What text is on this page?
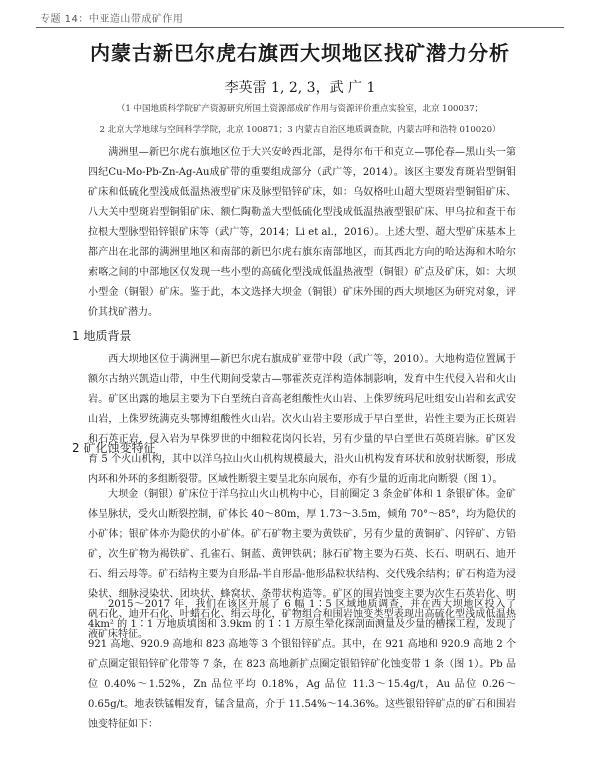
专题 14：中亚造山带成矿作用
内蒙古新巴尔虎右旗西大坝地区找矿潜力分析
李英雷 1, 2, 3，武 广 1
（1 中国地质科学院矿产资源研究所国土资源部成矿作用与资源评价重点实验室，北京 100037；
2 北京大学地球与空间科学学院，北京 100871；3 内蒙古自治区地质调查院，内蒙古呼和浩特 010020）
满洲里—新巴尔虎右旗地区位于大兴安岭西北部，是得尔布干和克立—鄂伦春—黑山头一第四纪Cu-Mo-Pb-Zn-Ag-Au成矿带的重要组成部分（武广等，2014）。该区主要发育斑岩型铜钼矿床和低硫化型浅成低温热液型矿床及脉型铅锌矿床，如：乌奴格吐山超大型斑岩型铜钼矿床、八大关中型斑岩型铜钼矿床、额仁陶勒盖大型低硫化型浅成低温热液型银矿床、甲乌拉和查干布拉根大型脉型铅锌银矿床等（武广等，2014；Li et al.，2016）。上述大型、超大型矿床基本上都产出在北部的满洲里地区和南部的新巴尔虎右旗东南部地区，而其西北方向的哈达海和木哈尔索喀之间的中部地区仅发现一些小型的高硫化型浅成低温热液型（铜银）矿点及矿床，如：大坝小型金（铜银）矿床。鉴于此，本文选择大坝金（铜银）矿床外围的西大坝地区为研究对象，评价其找矿潜力。
1 地质背景
西大坝地区位于满洲里—新巴尔虎右旗成矿亚带中段（武广等，2010）。大地构造位置属于额尔古纳兴凯造山带，中生代期间受蒙古—鄂霍茨克洋构造体制影响，发育中生代侵入岩和火山岩。矿区出露的地层主要为下白垩统白音高老组酸性火山岩、上侏罗统玛尼吐组安山岩和玄武安山岩，上侏罗统满克头鄂博组酸性火山岩。次火山岩主要形成于早白垩世，岩性主要为正长斑岩和石英正岩，侵入岩为早侏罗世的中细粒花岗闪长岩，另有少量的早白垩世石英斑岩脉。矿区发育 5 个火山机构，其中以洋乌拉山火山机构规模最大，沿火山机构发育环状和放射状断裂，形成内环和外环的多组断裂带。区域性断裂主要呈北东向展布，亦有少量的近南北向断裂（图 1）。
2 矿化蚀变特征
大坝金（铜银）矿床位于洋乌拉山火山机构中心，目前圈定 3 条金矿体和 1 条银矿体。金矿体呈脉状，受火山断裂控制，矿体长 40～80m，厚 1.73～3.5m，倾角 70°～85°，均为隐伏的小矿体；银矿体亦为隐伏的小矿体。矿石矿物主要为黄铁矿，另有少量的黄铜矿、闪锌矿、方铅矿，次生矿物为褐铁矿、孔雀石、铜蓝、黄钾铁矾；脉石矿物主要为石英、长石、明矾石、迪开石、绢云母等。矿石结构主要为自形晶-半自形晶-他形晶粒状结构、交代残余结构；矿石构造为浸染状、细脉浸染状、团块状、蜂窝状、条带状构造等。矿区的围岩蚀变主要为次生石英岩化、明矾石化、迪开石化、叶蜡石化、绢云母化，矿物组合和围岩蚀变类型表现出高硫化型浅成低温热液矿床特征。
2015～2017 年，我们在该区开展了 6 幅 1∶5 区域地质调查，并在西大坝地区投入了 4km² 的 1∶1 万地质填图和 3.9km 的 1∶1 万原生晕化探剖面测量及少量的槽探工程，发现了 921 高地、920.9 高地和 823 高地等 3 个银铅锌矿点。其中，在 921 高地和 920.9 高地 2 个矿点圈定银铅锌矿化带等 7 条，在 823 高地新扩点圈定银铅锌矿化蚀变带 1 条（图 1）。Pb 品位 0.40%～1.52%，Zn 品位平均 0.18%，Ag 品位 11.3～15.4g/t，Au 品位 0.26～0.65g/t。地表铁锰帽发育，锰含量高，介于 11.54%～14.36%。这些银铅锌矿点的矿石和围岩蚀变特征如下：
